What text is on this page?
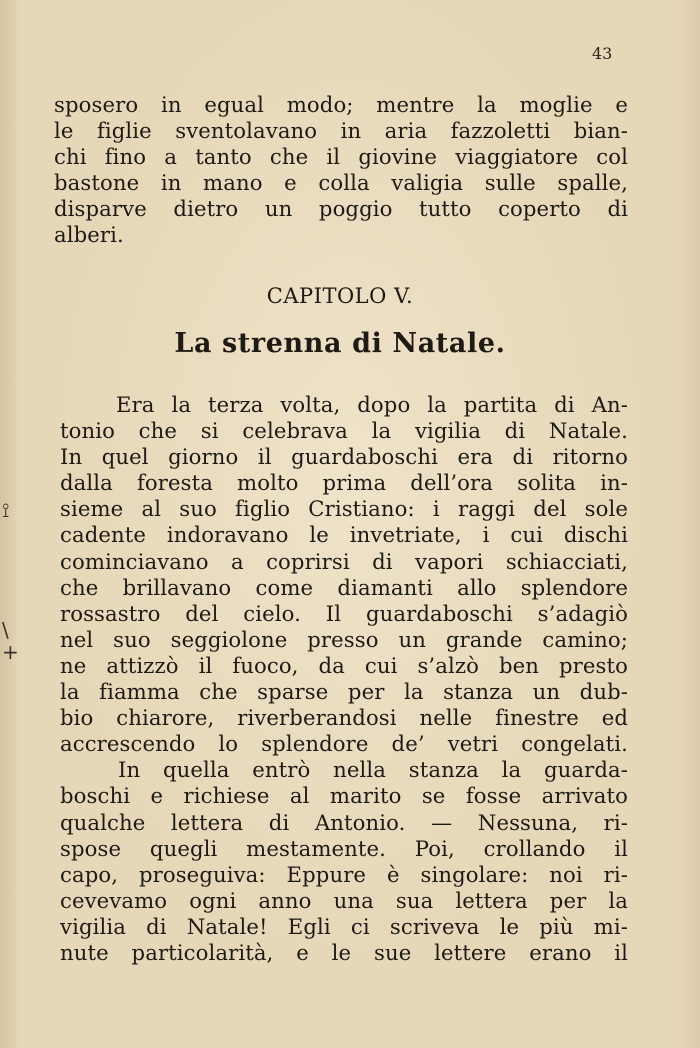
43
⟟
\
+
sposero in egual modo; mentre la moglie e
le figlie sventolavano in aria fazzoletti bian-
chi fino a tanto che il giovine viaggiatore col
bastone in mano e colla valigia sulle spalle,
disparve dietro un poggio tutto coperto di
alberi.
CAPITOLO V.
La strenna di Natale.
Era la terza volta, dopo la partita di An-
tonio che si celebrava la vigilia di Natale.
In quel giorno il guardaboschi era di ritorno
dalla foresta molto prima dell’ora solita in-
sieme al suo figlio Cristiano: i raggi del sole
cadente indoravano le invetriate, i cui dischi
cominciavano a coprirsi di vapori schiacciati,
che brillavano come diamanti allo splendore
rossastro del cielo. Il guardaboschi s’adagiò
nel suo seggiolone presso un grande camino;
ne attizzò il fuoco, da cui s’alzò ben presto
la fiamma che sparse per la stanza un dub-
bio chiarore, riverberandosi nelle finestre ed
accrescendo lo splendore de’ vetri congelati.
In quella entrò nella stanza la guarda-
boschi e richiese al marito se fosse arrivato
qualche lettera di Antonio. — Nessuna, ri-
spose quegli mestamente. Poi, crollando il
capo, proseguiva: Eppure è singolare: noi ri-
cevevamo ogni anno una sua lettera per la
vigilia di Natale! Egli ci scriveva le più mi-
nute particolarità, e le sue lettere erano il
